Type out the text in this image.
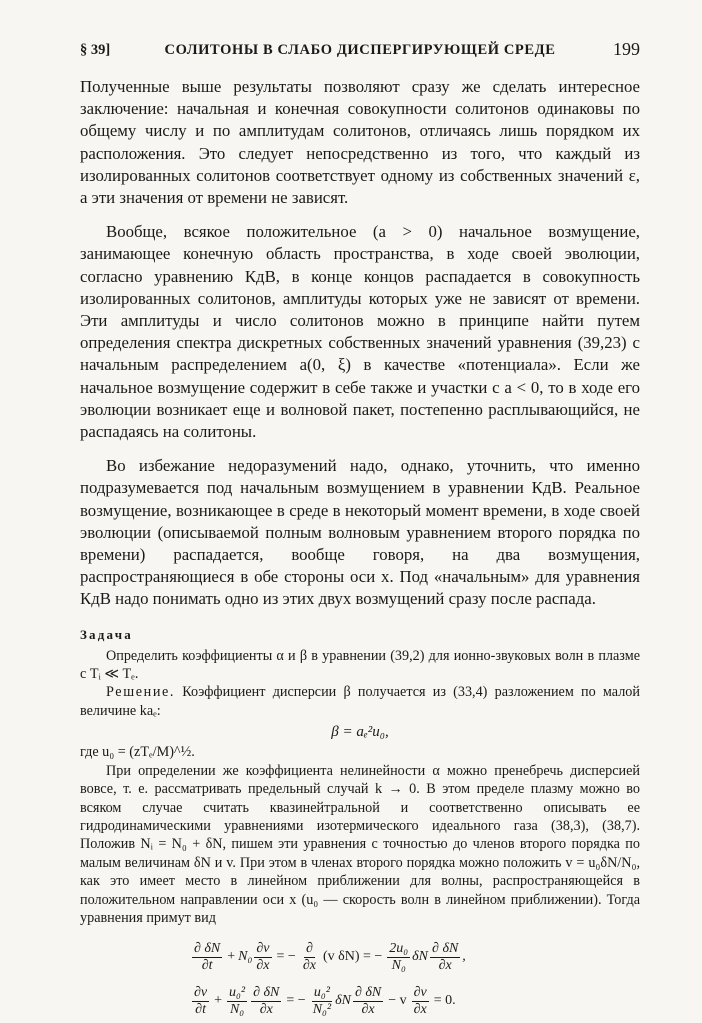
§ 39]	СОЛИТОНЫ В СЛАБО ДИСПЕРГИРУЮЩЕЙ СРЕДЕ	199

Полученные выше результаты позволяют сразу же сделать интересное заключение: начальная и конечная совокупности солитонов одинаковы по общему числу и по амплитудам солитонов, отличаясь лишь порядком их расположения. Это следует непосредственно из того, что каждый из изолированных солитонов соответствует одному из собственных значений ε, а эти значения от времени не зависят.

Вообще, всякое положительное (a > 0) начальное возмущение, занимающее конечную область пространства, в ходе своей эволюции, согласно уравнению КдВ, в конце концов распадается в совокупность изолированных солитонов, амплитуды которых уже не зависят от времени. Эти амплитуды и число солитонов можно в принципе найти путем определения спектра дискретных собственных значений уравнения (39,23) с начальным распределением a(0, ξ) в качестве «потенциала». Если же начальное возмущение содержит в себе также и участки с a < 0, то в ходе его эволюции возникает еще и волновой пакет, постепенно расплывающийся, не распадаясь на солитоны.

Во избежание недоразумений надо, однако, уточнить, что именно подразумевается под начальным возмущением в уравнении КдВ. Реальное возмущение, возникающее в среде в некоторый момент времени, в ходе своей эволюции (описываемой полным волновым уравнением второго порядка по времени) распадается, вообще говоря, на два возмущения, распространяющиеся в обе стороны оси x. Под «начальным» для уравнения КдВ надо понимать одно из этих двух возмущений сразу после распада.

Задача

Определить коэффициенты α и β в уравнении (39,2) для ионно-звуковых волн в плазме с Tᵢ ≪ Tₑ.

Решение. Коэффициент дисперсии β получается из (33,4) разложением по малой величине kaₑ:

β = aₑ²u₀,

где u₀ = (zTₑ/M)^½.

При определении же коэффициента нелинейности α можно пренебречь дисперсией вовсе, т. е. рассматривать предельный случай k → 0. В этом пределе плазму можно во всяком случае считать квазинейтральной и соответственно описывать ее гидродинамическими уравнениями изотермического идеального газа (38,3), (38,7). Положив Nᵢ = N₀ + δN, пишем эти уравнения с точностью до членов второго порядка по малым величинам δN и v. При этом в членах второго порядка можно положить v = u₀δN/N₀, как это имеет место в линейном приближении для волны, распространяющейся в положительном направлении оси x (u₀ — скорость волн в линейном приближении). Тогда уравнения примут вид

$\frac{\partial \delta N}{\partial t} + N_0 \frac{\partial v}{\partial x}$ = − $\frac{\partial}{\partial x} (v$ δN) = − $\frac{\text{2u₀}}{\text{N₀}}$ δN $\frac{\partial \delta N}{\partial x}$ ,
$\frac{\partial v}{\partial t} + \frac{\text{u₀²}}{\text{N₀}} \frac{\partial \delta N}{\partial x}$ = − $\frac{\text{u₀²}}{\text{N₀²}}$ δN $\frac{\partial \delta N}{\partial x} - v \frac{\partial v}{\partial x} = 0$.
